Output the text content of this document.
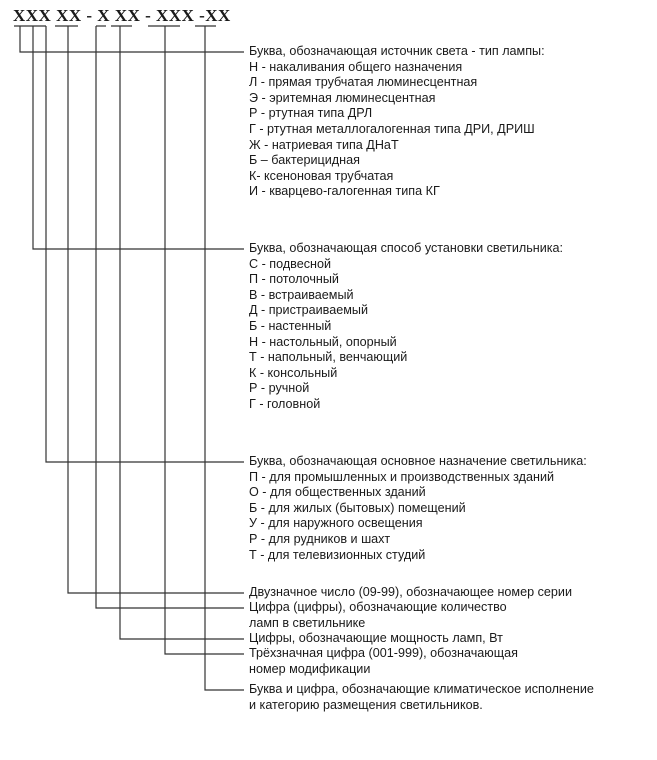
XXX XX - X XX - XXX -XX
Буква, обозначающая источник света - тип лампы:
Н - накаливания общего назначения
Л - прямая трубчатая люминесцентная
Э - эритемная люминесцентная
Р - ртутная типа ДРЛ
Г - ртутная металлогалогенная типа ДРИ, ДРИШ
Ж - натриевая типа ДНаТ
Б – бактерицидная
К- ксеноновая трубчатая
И - кварцево-галогенная типа КГ
Буква, обозначающая способ установки светильника:
С - подвесной
П - потолочный
В - встраиваемый
Д - пристраиваемый
Б - настенный
Н - настольный, опорный
Т - напольный, венчающий
К - консольный
Р - ручной
Г - головной
Буква, обозначающая основное назначение светильника:
П - для промышленных и производственных зданий
О - для общественных зданий
Б - для жилых (бытовых) помещений
У - для наружного освещения
Р - для рудников и шахт
Т - для телевизионных студий
Двузначное число (09-99), обозначающее номер серии
Цифра (цифры), обозначающие количество
ламп в светильнике
Цифры, обозначающие мощность ламп, Вт
Трёхзначная цифра (001-999), обозначающая
номер модификации
Буква и цифра, обозначающие климатическое исполнение
и категорию размещения светильников.
